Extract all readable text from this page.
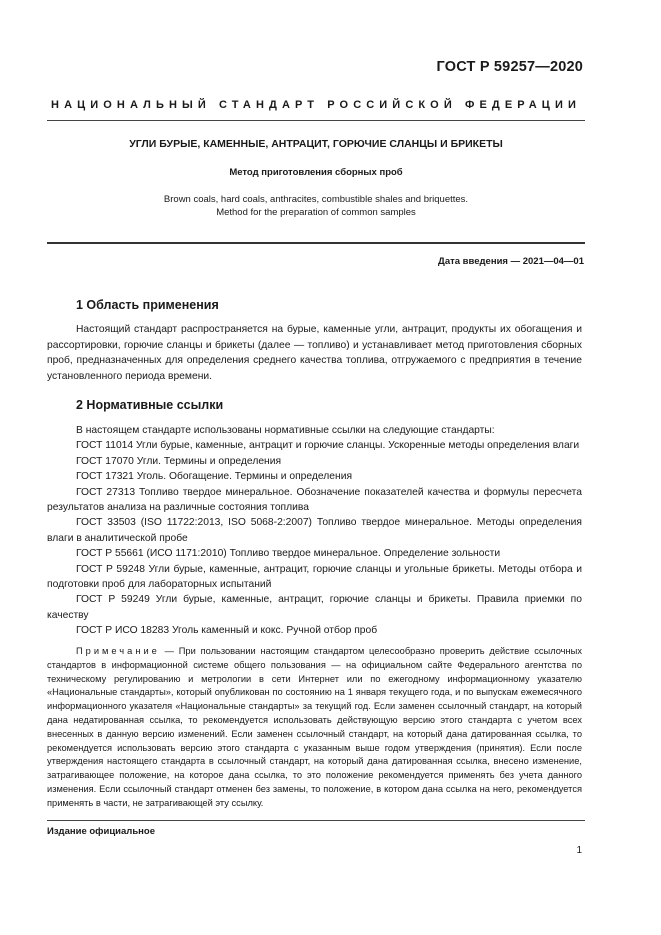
ГОСТ Р 59257—2020
НАЦИОНАЛЬНЫЙ СТАНДАРТ РОССИЙСКОЙ ФЕДЕРАЦИИ
УГЛИ БУРЫЕ, КАМЕННЫЕ, АНТРАЦИТ, ГОРЮЧИЕ СЛАНЦЫ И БРИКЕТЫ
Метод приготовления сборных проб
Brown coals, hard coals, anthracites, combustible shales and briquettes.
Method for the preparation of common samples
Дата введения — 2021—04—01
1 Область применения
Настоящий стандарт распространяется на бурые, каменные угли, антрацит, продукты их обогащения и рассортировки, горючие сланцы и брикеты (далее — топливо) и устанавливает метод приготовления сборных проб, предназначенных для определения среднего качества топлива, отгружаемого с предприятия в течение установленного периода времени.
2 Нормативные ссылки

В настоящем стандарте использованы нормативные ссылки на следующие стандарты:

ГОСТ 11014 Угли бурые, каменные, антрацит и горючие сланцы. Ускоренные методы определения влаги

ГОСТ 17070 Угли. Термины и определения

ГОСТ 17321 Уголь. Обогащение. Термины и определения

ГОСТ 27313 Топливо твердое минеральное. Обозначение показателей качества и формулы пересчета результатов анализа на различные состояния топлива

ГОСТ 33503 (ISO 11722:2013, ISO 5068-2:2007) Топливо твердое минеральное. Методы определения влаги в аналитической пробе

ГОСТ Р 55661 (ИСО 1171:2010) Топливо твердое минеральное. Определение зольности

ГОСТ Р 59248 Угли бурые, каменные, антрацит, горючие сланцы и угольные брикеты. Методы отбора и подготовки проб для лабораторных испытаний

ГОСТ Р 59249 Угли бурые, каменные, антрацит, горючие сланцы и брикеты. Правила приемки по качеству

ГОСТ Р ИСО 18283 Уголь каменный и кокс. Ручной отбор проб

Примечание — При пользовании настоящим стандартом целесообразно проверить действие ссылочных стандартов в информационной системе общего пользования — на официальном сайте Федерального агентства по техническому регулированию и метрологии в сети Интернет или по ежегодному информационному указателю «Национальные стандарты», который опубликован по состоянию на 1 января текущего года, и по выпускам ежемесячного информационного указателя «Национальные стандарты» за текущий год. Если заменен ссылочный стандарт, на который дана недатированная ссылка, то рекомендуется использовать действующую версию этого стандарта с учетом всех внесенных в данную версию изменений. Если заменен ссылочный стандарт, на который дана датированная ссылка, то рекомендуется использовать версию этого стандарта с указанным выше годом утверждения (принятия). Если после утверждения настоящего стандарта в ссылочный стандарт, на который дана датированная ссылка, внесено изменение, затрагивающее положение, на которое дана ссылка, то это положение рекомендуется применять без учета данного изменения. Если ссылочный стандарт отменен без замены, то положение, в котором дана ссылка на него, рекомендуется применять в части, не затрагивающей эту ссылку.
Издание официальное
1
